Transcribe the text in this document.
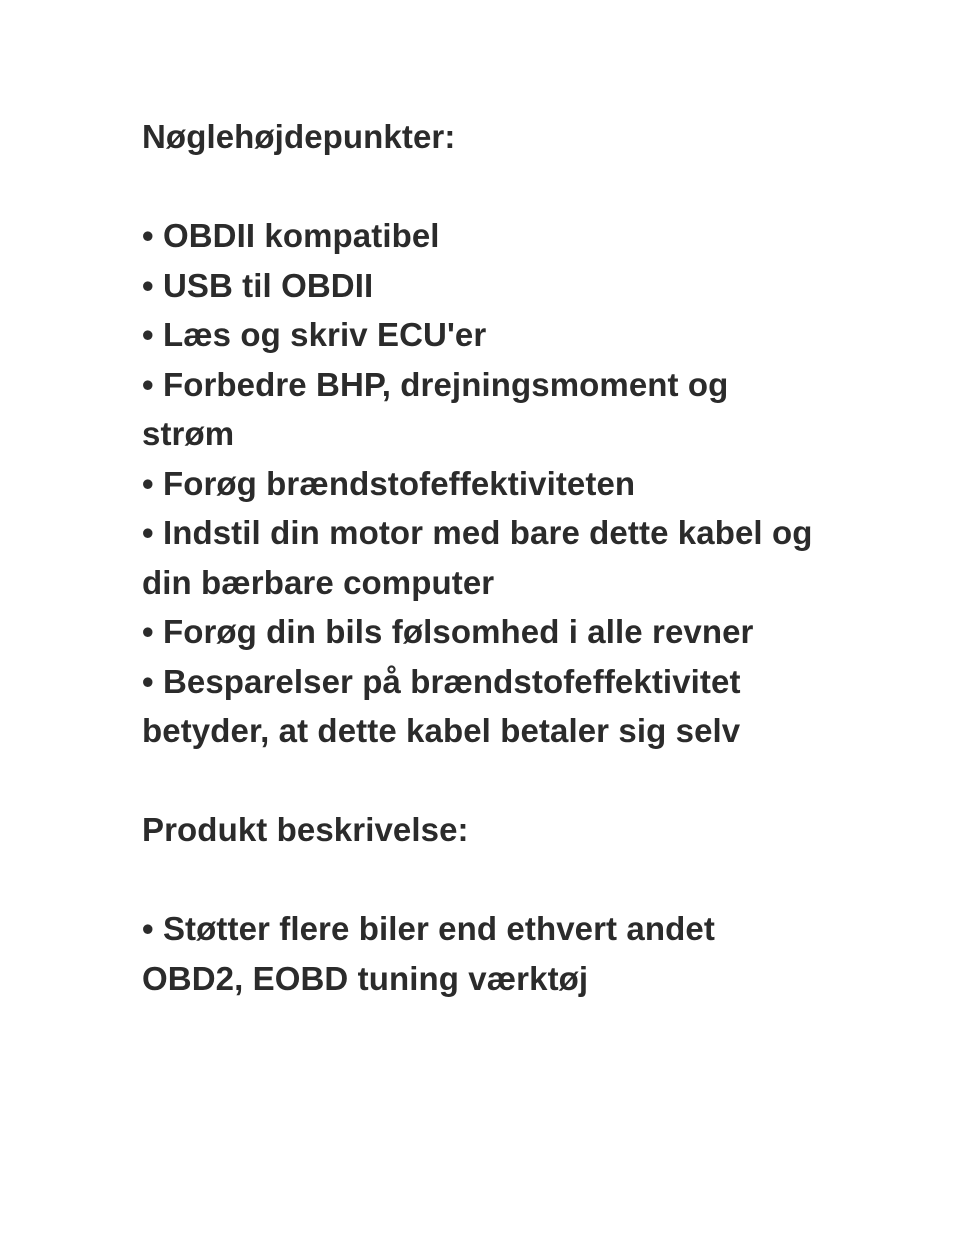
Nøglehøjdepunkter:
• OBDII kompatibel
• USB til OBDII
• Læs og skriv ECU'er
• Forbedre BHP, drejningsmoment og strøm
• Forøg brændstofeffektiviteten
• Indstil din motor med bare dette kabel og din bærbare computer
• Forøg din bils følsomhed i alle revner
• Besparelser på brændstofeffektivitet betyder, at dette kabel betaler sig selv
Produkt beskrivelse:
• Støtter flere biler end ethvert andet OBD2, EOBD tuning værktøj
